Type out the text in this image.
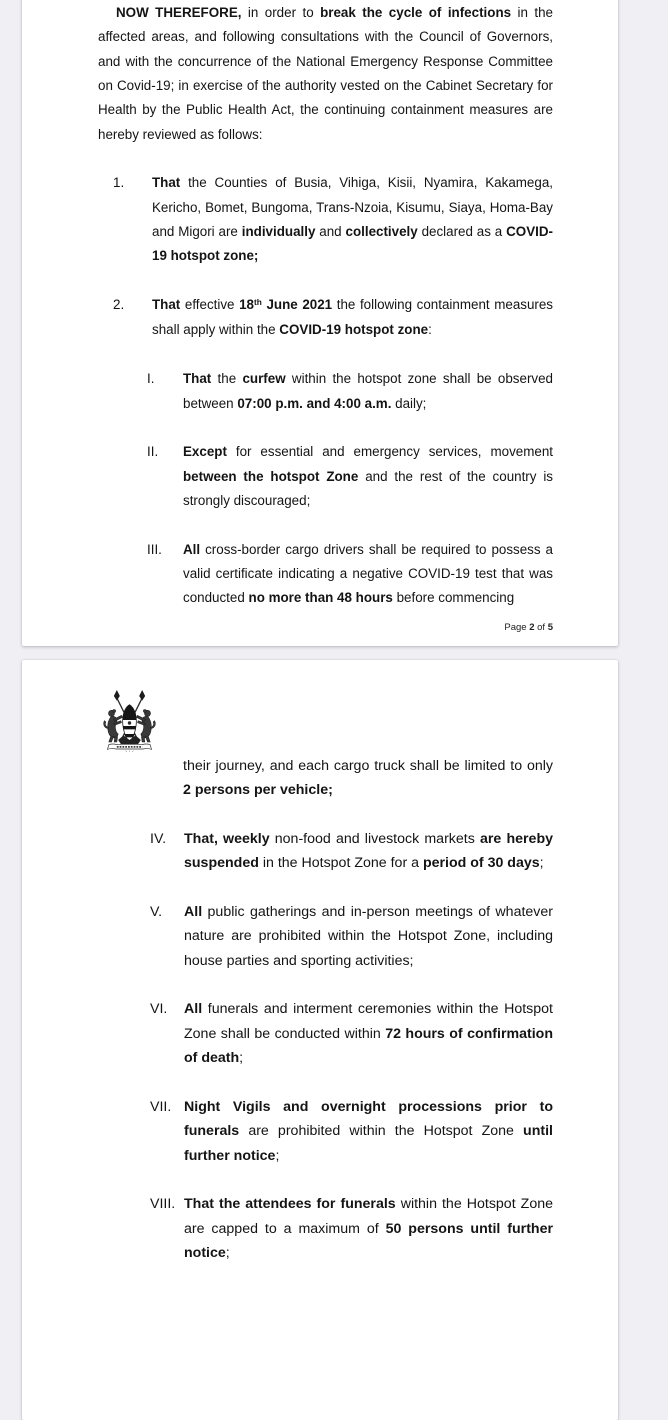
NOW THEREFORE, in order to break the cycle of infections in the affected areas, and following consultations with the Council of Governors, and with the concurrence of the National Emergency Response Committee on Covid-19; in exercise of the authority vested on the Cabinet Secretary for Health by the Public Health Act, the continuing containment measures are hereby reviewed as follows:
1. That the Counties of Busia, Vihiga, Kisii, Nyamira, Kakamega, Kericho, Bomet, Bungoma, Trans-Nzoia, Kisumu, Siaya, Homa-Bay and Migori are individually and collectively declared as a COVID-19 hotspot zone;
2. That effective 18th June 2021 the following containment measures shall apply within the COVID-19 hotspot zone:
I. That the curfew within the hotspot zone shall be observed between 07:00 p.m. and 4:00 a.m. daily;
II. Except for essential and emergency services, movement between the hotspot Zone and the rest of the country is strongly discouraged;
III. All cross-border cargo drivers shall be required to possess a valid certificate indicating a negative COVID-19 test that was conducted no more than 48 hours before commencing
Page 2 of 5
their journey, and each cargo truck shall be limited to only 2 persons per vehicle;
IV. That, weekly non-food and livestock markets are hereby suspended in the Hotspot Zone for a period of 30 days;
V. All public gatherings and in-person meetings of whatever nature are prohibited within the Hotspot Zone, including house parties and sporting activities;
VI. All funerals and interment ceremonies within the Hotspot Zone shall be conducted within 72 hours of confirmation of death;
VII. Night Vigils and overnight processions prior to funerals are prohibited within the Hotspot Zone until further notice;
VIII. That the attendees for funerals within the Hotspot Zone are capped to a maximum of 50 persons until further notice;
